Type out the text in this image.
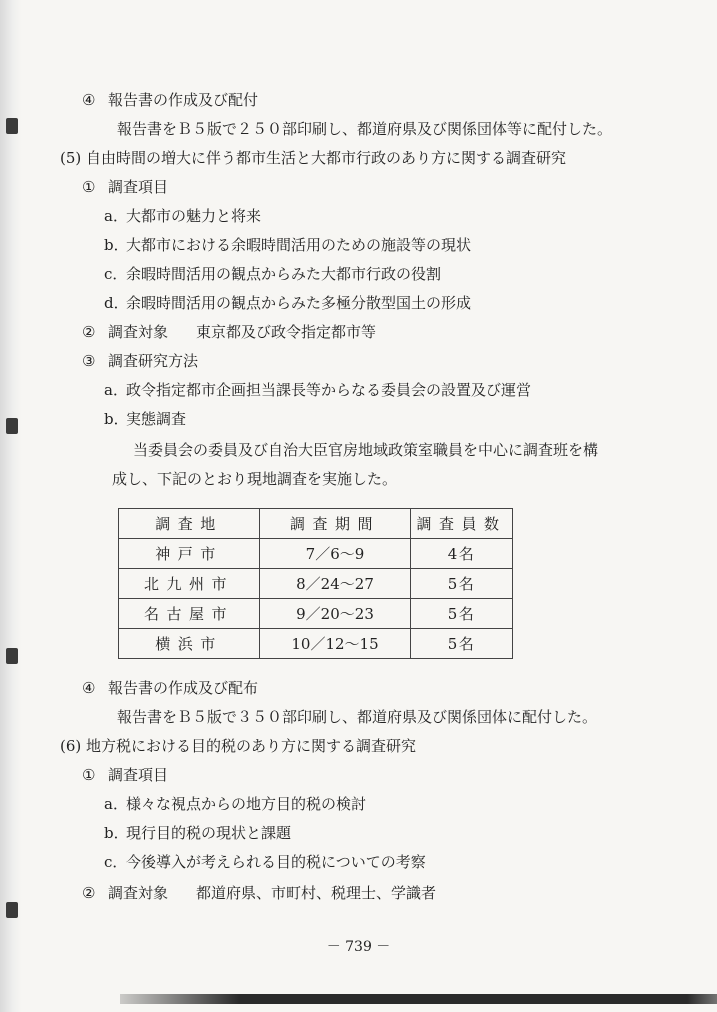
④ 報告書の作成及び配付
報告書をＢ５版で２５０部印刷し、都道府県及び関係団体等に配付した。
(5) 自由時間の増大に伴う都市生活と大都市行政のあり方に関する調査研究
① 調査項目
a．大都市の魅力と将来
b．大都市における余暇時間活用のための施設等の現状
c．余暇時間活用の観点からみた大都市行政の役割
d．余暇時間活用の観点からみた多極分散型国土の形成
② 調査対象 東京都及び政令指定都市等
③ 調査研究方法
a．政令指定都市企画担当課長等からなる委員会の設置及び運営
b．実態調査
当委員会の委員及び自治大臣官房地域政策室職員を中心に調査班を構
成し、下記のとおり現地調査を実施した。
調査地	調査期間	調査員数
神戸市	7／6～9	4名
北九州市	8／24～27	5名
名古屋市	9／20～23	5名
横浜市	10／12～15	5名
④ 報告書の作成及び配布
報告書をＢ５版で３５０部印刷し、都道府県及び関係団体に配付した。
(6) 地方税における目的税のあり方に関する調査研究
① 調査項目
a．様々な視点からの地方目的税の検討
b．現行目的税の現状と課題
c．今後導入が考えられる目的税についての考察
② 調査対象 都道府県、市町村、税理士、学識者
－ 739 －
